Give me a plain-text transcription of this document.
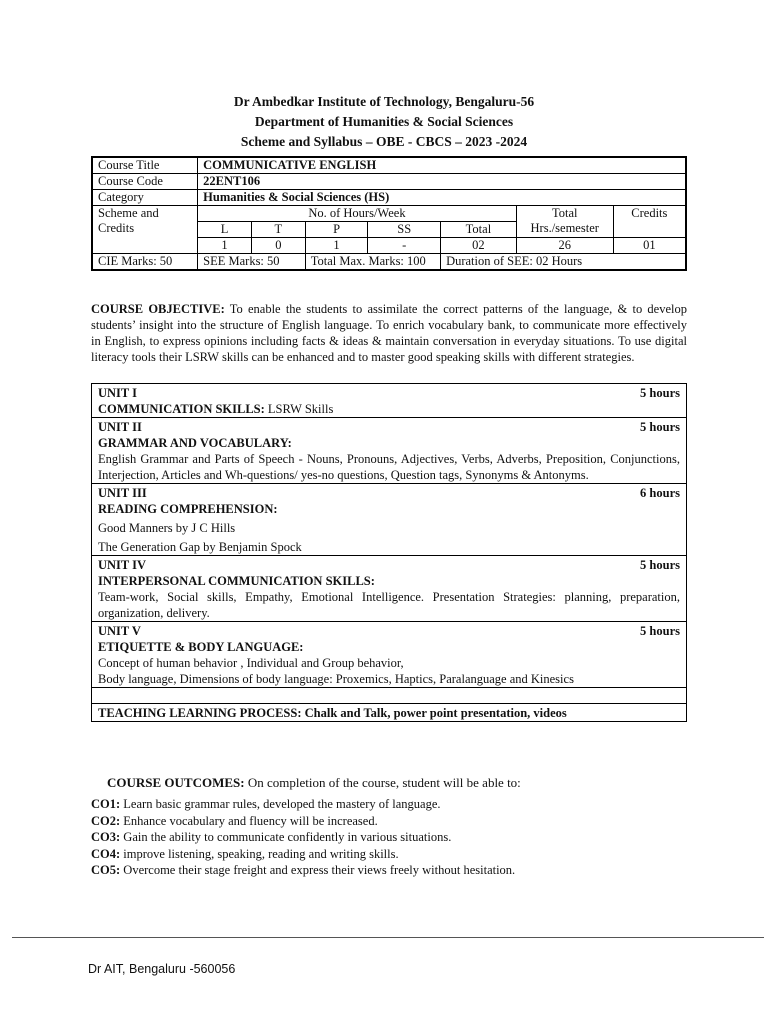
Dr Ambedkar Institute of Technology, Bengaluru-56
Department of Humanities & Social Sciences
Scheme and Syllabus – OBE - CBCS – 2023 -2024
Course Title	COMMUNICATIVE ENGLISH						
Course Code	22ENT106						
Category	Humanities & Social Sciences (HS)						
Scheme and Credits	No. of Hours/Week					Total Hrs./semester	Credits
	L	T	P	SS	Total		
	1	0	1	-	02	26	01
CIE Marks: 50	SEE Marks: 50		Total Max. Marks: 100		Duration of SEE: 02 Hours		
COURSE OBJECTIVE: To enable the students to assimilate the correct patterns of the language, & to develop students’ insight into the structure of English language. To enrich vocabulary bank, to communicate more effectively in English, to express opinions including facts & ideas & maintain conversation in everyday situations. To use digital literacy tools their LSRW skills can be enhanced and to master good speaking skills with different strategies.
UNIT I	5 hours
COMMUNICATION SKILLS: LSRW Skills

UNIT II	5 hours
GRAMMAR AND VOCABULARY:
English Grammar and Parts of Speech - Nouns, Pronouns, Adjectives, Verbs, Adverbs, Preposition, Conjunctions, Interjection, Articles and Wh-questions/ yes-no questions, Question tags, Synonyms & Antonyms.

UNIT III	6 hours
READING COMPREHENSION:
Good Manners by J C Hills
The Generation Gap by Benjamin Spock

UNIT IV	5 hours
INTERPERSONAL COMMUNICATION SKILLS:
Team-work, Social skills, Empathy, Emotional Intelligence. Presentation Strategies: planning, preparation, organization, delivery.

UNIT V	5 hours
ETIQUETTE & BODY LANGUAGE:
Concept of human behavior , Individual and Group behavior,
Body language, Dimensions of body language: Proxemics, Haptics, Paralanguage and Kinesics

TEACHING LEARNING PROCESS: Chalk and Talk, power point presentation, videos
COURSE OUTCOMES: On completion of the course, student will be able to:
CO1: Learn basic grammar rules, developed the mastery of language.
CO2: Enhance vocabulary and fluency will be increased.
CO3: Gain the ability to communicate confidently in various situations.
CO4: improve listening, speaking, reading and writing skills.
CO5: Overcome their stage freight and express their views freely without hesitation.
Dr AIT, Bengaluru -560056
